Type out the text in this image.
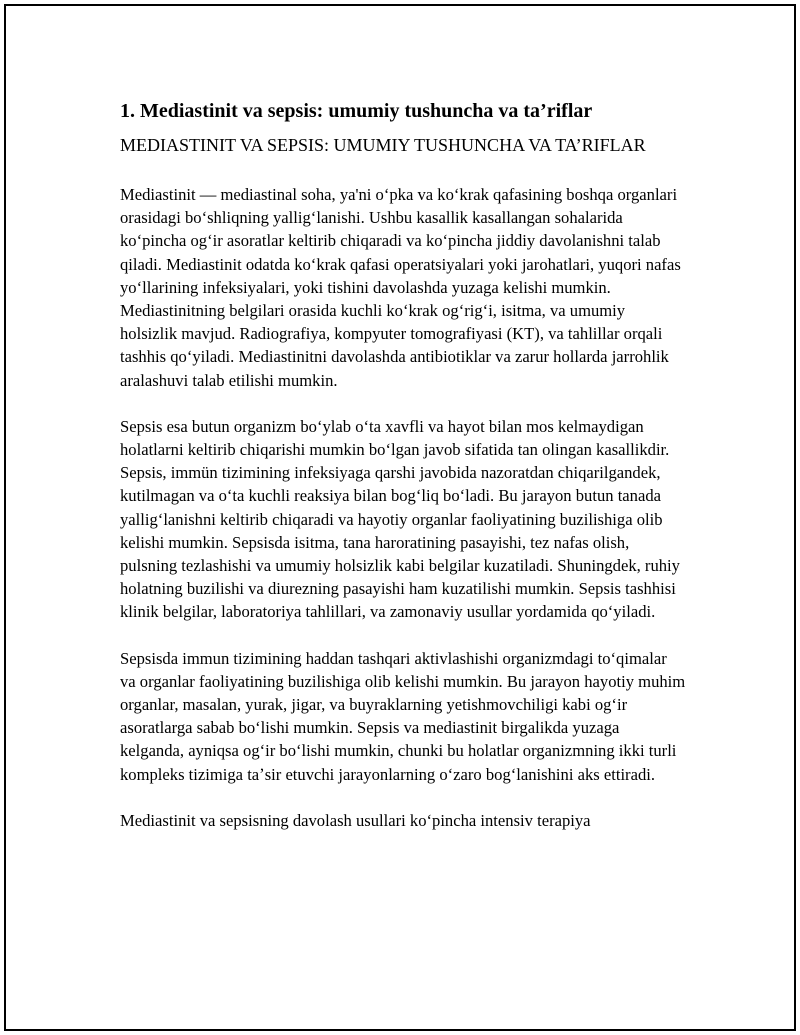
1. Mediastinit va sepsis: umumiy tushuncha va ta’riflar
MEDIASTINIT VA SEPSIS: UMUMIY TUSHUNCHA VA TA’RIFLAR

Mediastinit — mediastinal soha, ya'ni oʻpka va koʻkrak qafasining boshqa organlari orasidagi boʻshliqning yalligʻlanishi. Ushbu kasallik kasallangan sohalarida koʻpincha ogʻir asoratlar keltirib chiqaradi va koʻpincha jiddiy davolanishni talab qiladi. Mediastinit odatda koʻkrak qafasi operatsiyalari yoki jarohatlari, yuqori nafas yoʻllarining infeksiyalari, yoki tishini davolashda yuzaga kelishi mumkin. Mediastinitning belgilari orasida kuchli koʻkrak ogʻrigʻi, isitma, va umumiy holsizlik mavjud. Radiografiya, kompyuter tomografiyasi (KT), va tahlillar orqali tashhis qoʻyiladi. Mediastinitni davolashda antibiotiklar va zarur hollarda jarrohlik aralashuvi talab etilishi mumkin.

Sepsis esa butun organizm boʻylab oʻta xavfli va hayot bilan mos kelmaydigan holatlarni keltirib chiqarishi mumkin boʻlgan javob sifatida tan olingan kasallikdir. Sepsis, immün tizimining infeksiyaga qarshi javobida nazoratdan chiqarilgandek, kutilmagan va oʻta kuchli reaksiya bilan bogʻliq boʻladi. Bu jarayon butun tanada yalligʻlanishni keltirib chiqaradi va hayotiy organlar faoliyatining buzilishiga olib kelishi mumkin. Sepsisda isitma, tana haroratining pasayishi, tez nafas olish, pulsning tezlashishi va umumiy holsizlik kabi belgilar kuzatiladi. Shuningdek, ruhiy holatning buzilishi va diurezning pasayishi ham kuzatilishi mumkin. Sepsis tashhisi klinik belgilar, laboratoriya tahlillari, va zamonaviy usullar yordamida qoʻyiladi.

Sepsisda immun tizimining haddan tashqari aktivlashishi organizmdagi toʻqimalar va organlar faoliyatining buzilishiga olib kelishi mumkin. Bu jarayon hayotiy muhim organlar, masalan, yurak, jigar, va buyraklarning yetishmovchiligi kabi ogʻir asoratlarga sabab boʻlishi mumkin. Sepsis va mediastinit birgalikda yuzaga kelganda, ayniqsa ogʻir boʻlishi mumkin, chunki bu holatlar organizmning ikki turli kompleks tizimiga taʼsir etuvchi jarayonlarning oʻzaro bogʻlanishini aks ettiradi.

Mediastinit va sepsisning davolash usullari koʻpincha intensiv terapiya
